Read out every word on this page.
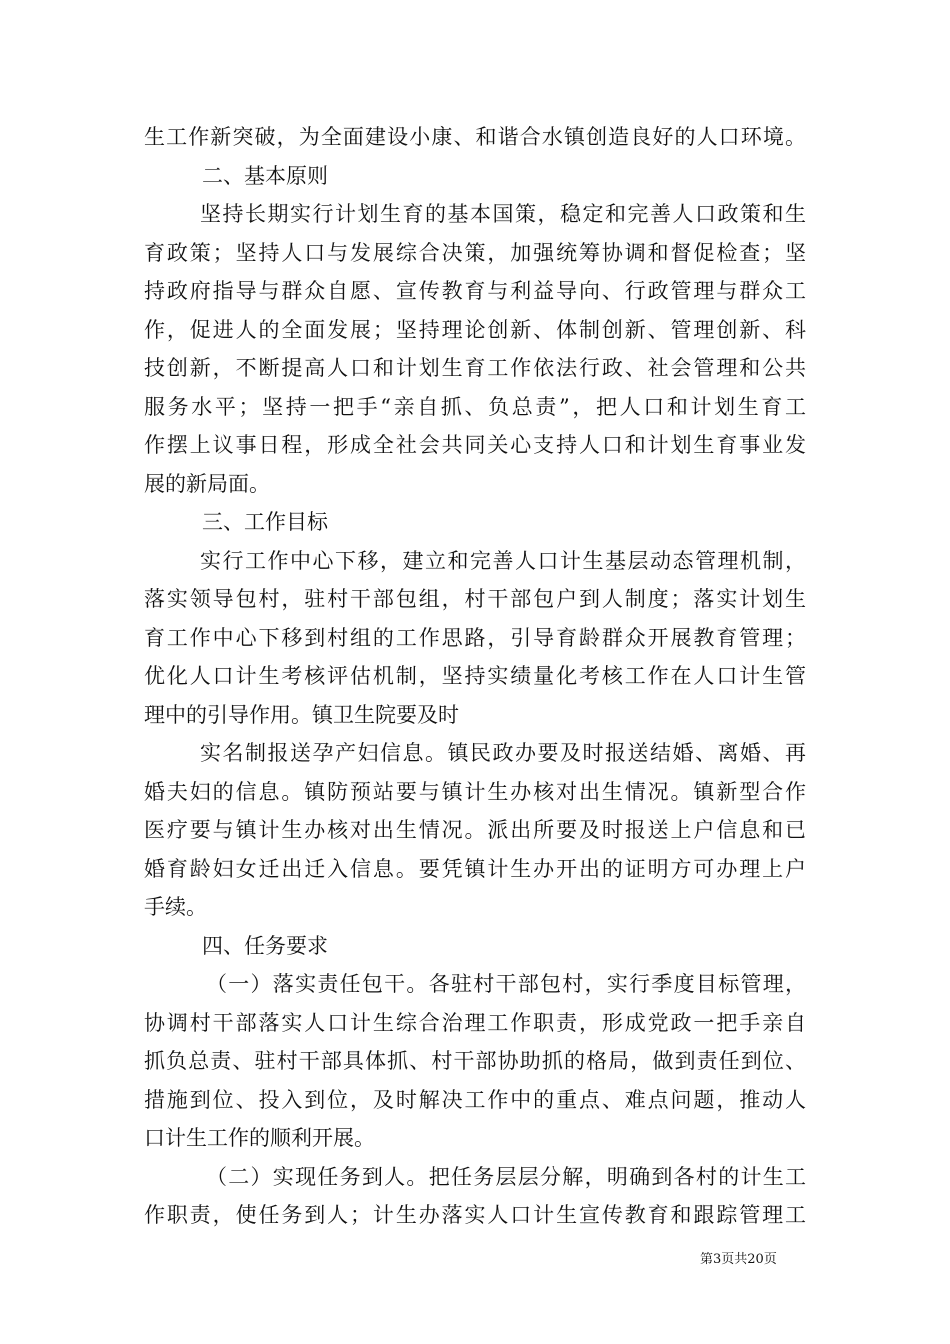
生工作新突破，为全面建设小康、和谐合水镇创造良好的人口环境。
二、基本原则
坚持长期实行计划生育的基本国策，稳定和完善人口政策和生
育政策；坚持人口与发展综合决策，加强统筹协调和督促检查；坚
持政府指导与群众自愿、宣传教育与利益导向、行政管理与群众工
作，促进人的全面发展；坚持理论创新、体制创新、管理创新、科
技创新，不断提高人口和计划生育工作依法行政、社会管理和公共
服务水平；坚持一把手“亲自抓、负总责”，把人口和计划生育工
作摆上议事日程，形成全社会共同关心支持人口和计划生育事业发
展的新局面。
三、工作目标
实行工作中心下移，建立和完善人口计生基层动态管理机制，
落实领导包村，驻村干部包组，村干部包户到人制度；落实计划生
育工作中心下移到村组的工作思路，引导育龄群众开展教育管理；
优化人口计生考核评估机制，坚持实绩量化考核工作在人口计生管
理中的引导作用。镇卫生院要及时
实名制报送孕产妇信息。镇民政办要及时报送结婚、离婚、再
婚夫妇的信息。镇防预站要与镇计生办核对出生情况。镇新型合作
医疗要与镇计生办核对出生情况。派出所要及时报送上户信息和已
婚育龄妇女迁出迁入信息。要凭镇计生办开出的证明方可办理上户
手续。
四、任务要求
（一）落实责任包干。各驻村干部包村，实行季度目标管理，
协调村干部落实人口计生综合治理工作职责，形成党政一把手亲自
抓负总责、驻村干部具体抓、村干部协助抓的格局，做到责任到位、
措施到位、投入到位，及时解决工作中的重点、难点问题，推动人
口计生工作的顺利开展。
（二）实现任务到人。把任务层层分解，明确到各村的计生工
作职责，使任务到人；计生办落实人口计生宣传教育和跟踪管理工
第3页共20页
